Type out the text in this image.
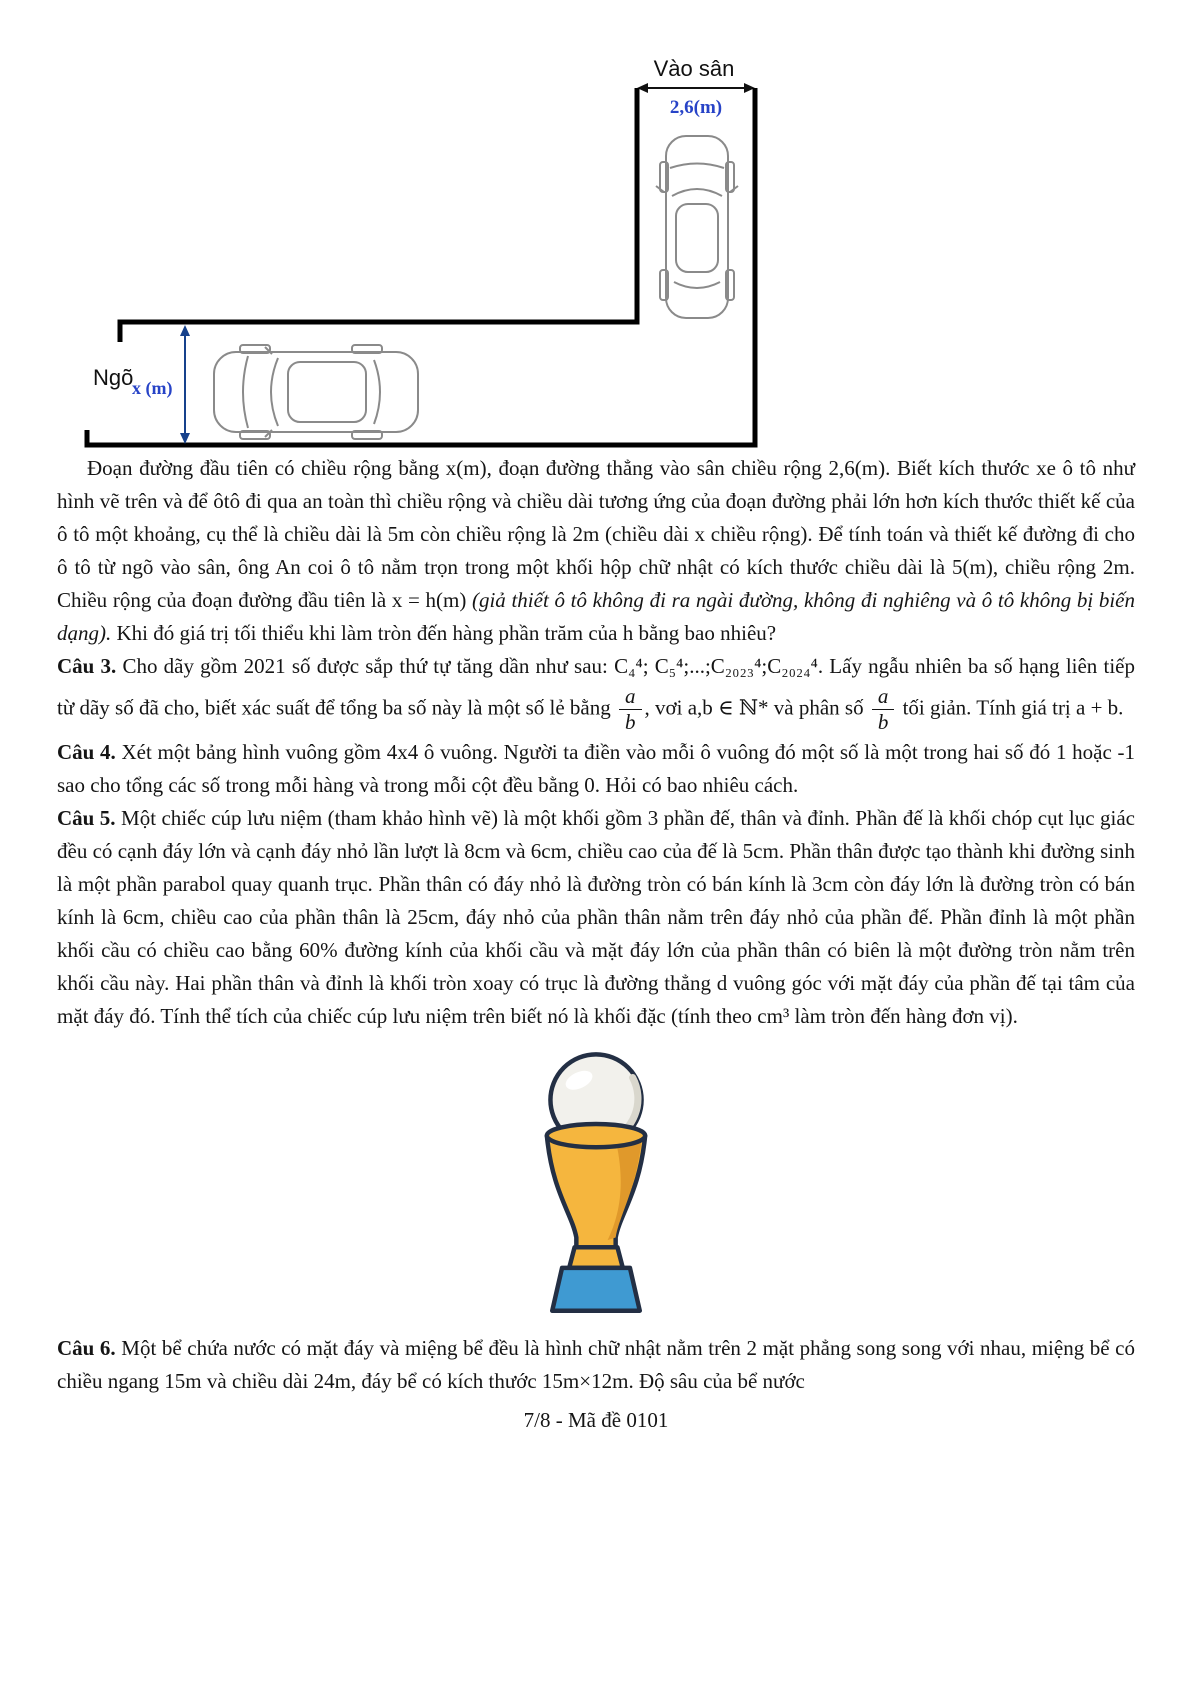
Vào sân
2,6(m)
Ngõ
x (m)

Đoạn đường đầu tiên có chiều rộng bằng x(m), đoạn đường thẳng vào sân chiều rộng 2,6(m). Biết kích thước xe ô tô như hình vẽ trên và để ôtô đi qua an toàn thì chiều rộng và chiều dài tương ứng của đoạn đường phải lớn hơn kích thước thiết kế của ô tô một khoảng, cụ thể là chiều dài là 5m còn chiều rộng là 2m (chiều dài x chiều rộng). Để tính toán và thiết kế đường đi cho ô tô từ ngõ vào sân, ông An coi ô tô nằm trọn trong một khối hộp chữ nhật có kích thước chiều dài là 5(m), chiều rộng 2m. Chiều rộng của đoạn đường đầu tiên là x = h(m) (giả thiết ô tô không đi ra ngài đường, không đi nghiêng và ô tô không bị biến dạng). Khi đó giá trị tối thiểu khi làm tròn đến hàng phần trăm của h bằng bao nhiêu?

Câu 3. Cho dãy gồm 2021 số được sắp thứ tự tăng dần như sau: C₄⁴; C₅⁴;...;C₂₀₂₃⁴;C₂₀₂₄⁴. Lấy ngẫu nhiên ba số hạng liên tiếp từ dãy số đã cho, biết xác suất để tổng ba số này là một số lẻ bằng $\frac{a}{b}$ , vơi a,b ∈ ℕ* và phân số $\frac{a}{b}$ tối giản. Tính giá trị a + b.

Câu 4. Xét một bảng hình vuông gồm 4x4 ô vuông. Người ta điền vào mỗi ô vuông đó một số là một trong hai số đó 1 hoặc -1 sao cho tổng các số trong mỗi hàng và trong mỗi cột đều bằng 0. Hỏi có bao nhiêu cách.

Câu 5. Một chiếc cúp lưu niệm (tham khảo hình vẽ) là một khối gồm 3 phần đế, thân và đỉnh. Phần đế là khối chóp cụt lục giác đều có cạnh đáy lớn và cạnh đáy nhỏ lần lượt là 8cm và 6cm, chiều cao của đế là 5cm. Phần thân được tạo thành khi đường sinh là một phần parabol quay quanh trục. Phần thân có đáy nhỏ là đường tròn có bán kính là 3cm còn đáy lớn là đường tròn có bán kính là 6cm, chiều cao của phần thân là 25cm, đáy nhỏ của phần thân nằm trên đáy nhỏ của phần đế. Phần đỉnh là một phần khối cầu có chiều cao bằng 60% đường kính của khối cầu và mặt đáy lớn của phần thân có biên là một đường tròn nằm trên khối cầu này. Hai phần thân và đỉnh là khối tròn xoay có trục là đường thẳng d vuông góc với mặt đáy của phần đế tại tâm của mặt đáy đó. Tính thể tích của chiếc cúp lưu niệm trên biết nó là khối đặc (tính theo cm³ làm tròn đến hàng đơn vị).

Câu 6. Một bể chứa nước có mặt đáy và miệng bể đều là hình chữ nhật nằm trên 2 mặt phẳng song song với nhau, miệng bể có chiều ngang 15m và chiều dài 24m, đáy bể có kích thước 15m×12m. Độ sâu của bể nước

7/8 - Mã đề 0101
